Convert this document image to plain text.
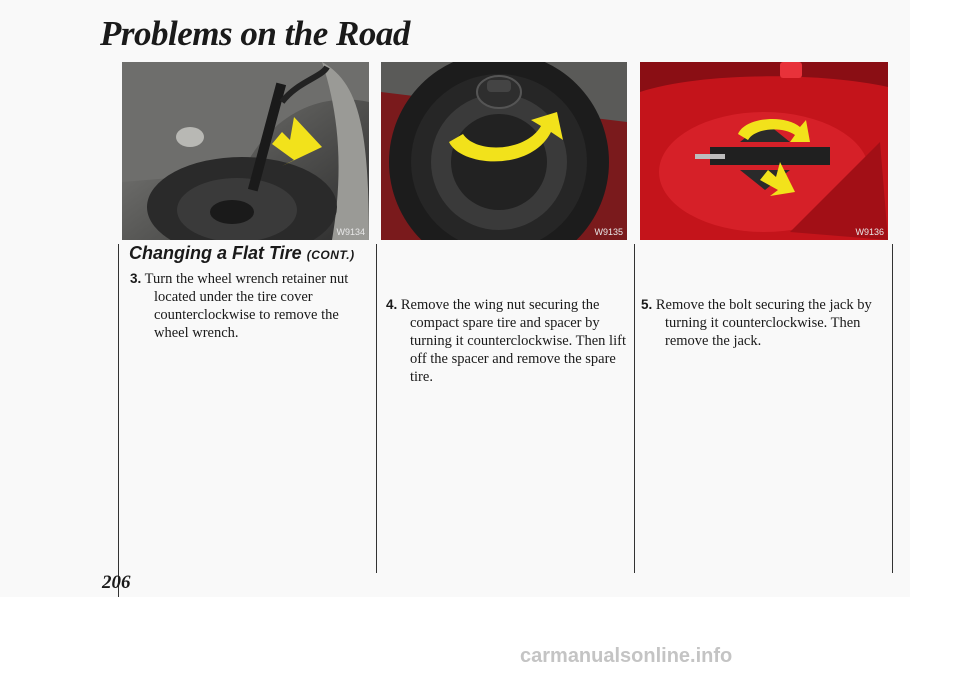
Problems on the Road
W9134	W9135	W9136
Changing a Flat Tire (CONT.)

3. Turn the wheel wrench retainer nut
located under the tire cover counterclockwise to remove the wheel wrench.

4. Remove the wing nut securing the
compact spare tire and spacer by turning it counterclockwise. Then lift off the spacer and remove the spare tire.

5. Remove the bolt securing the jack by
turning it counterclockwise. Then remove the jack.

206

carmanualsonline.info
